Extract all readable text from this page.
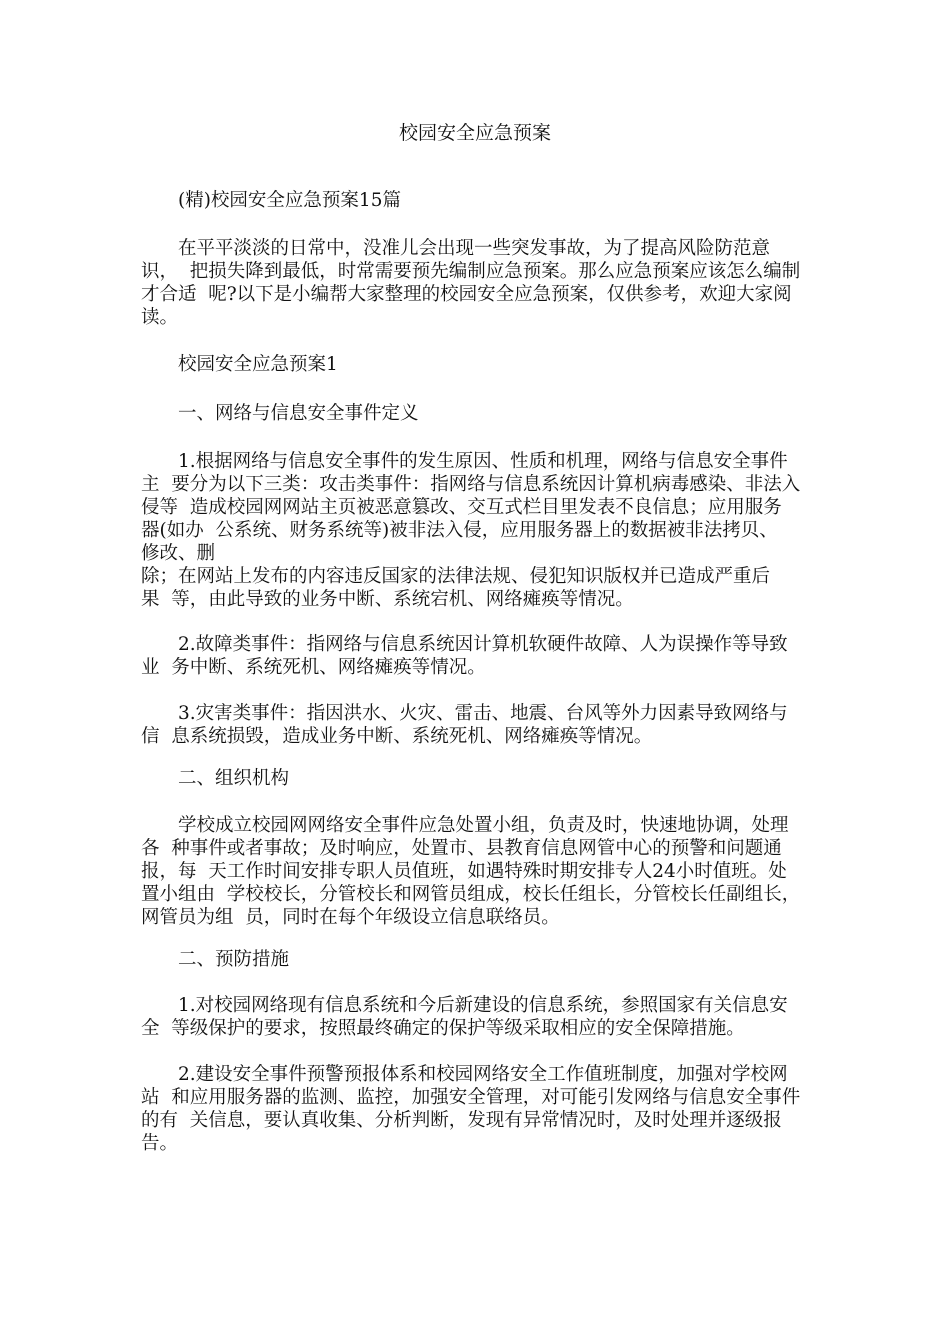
校园安全应急预案
(精)校园安全应急预案15篇
在平平淡淡的日常中，没准儿会出现一些突发事故，为了提高风险防范意
识，  把损失降到最低，时常需要预先编制应急预案。那么应急预案应该怎么编制
才合适  呢?以下是小编帮大家整理的校园安全应急预案，仅供参考，欢迎大家阅
读。
校园安全应急预案1
一、网络与信息安全事件定义
1.根据网络与信息安全事件的发生原因、性质和机理，网络与信息安全事件
主  要分为以下三类：攻击类事件：指网络与信息系统因计算机病毒感染、非法入
侵等  造成校园网网站主页被恶意篡改、交互式栏目里发表不良信息；应用服务
器(如办  公系统、财务系统等)被非法入侵，应用服务器上的数据被非法拷贝、
修改、删
除；在网站上发布的内容违反国家的法律法规、侵犯知识版权并已造成严重后
果  等，由此导致的业务中断、系统宕机、网络瘫痪等情况。
2.故障类事件：指网络与信息系统因计算机软硬件故障、人为误操作等导致
业  务中断、系统死机、网络瘫痪等情况。
3.灾害类事件：指因洪水、火灾、雷击、地震、台风等外力因素导致网络与
信  息系统损毁，造成业务中断、系统死机、网络瘫痪等情况。
二、组织机构
学校成立校园网网络安全事件应急处置小组，负责及时，快速地协调，处理
各  种事件或者事故；及时响应，处置市、县教育信息网管中心的预警和问题通
报，每  天工作时间安排专职人员值班，如遇特殊时期安排专人24小时值班。处
置小组由  学校校长，分管校长和网管员组成，校长任组长，分管校长任副组长，
网管员为组  员，同时在每个年级设立信息联络员。
二、预防措施
1.对校园网络现有信息系统和今后新建设的信息系统，参照国家有关信息安
全  等级保护的要求，按照最终确定的保护等级采取相应的安全保障措施。
2.建设安全事件预警预报体系和校园网络安全工作值班制度，加强对学校网
站  和应用服务器的监测、监控，加强安全管理，对可能引发网络与信息安全事件
的有  关信息，要认真收集、分析判断，发现有异常情况时，及时处理并逐级报
告。
